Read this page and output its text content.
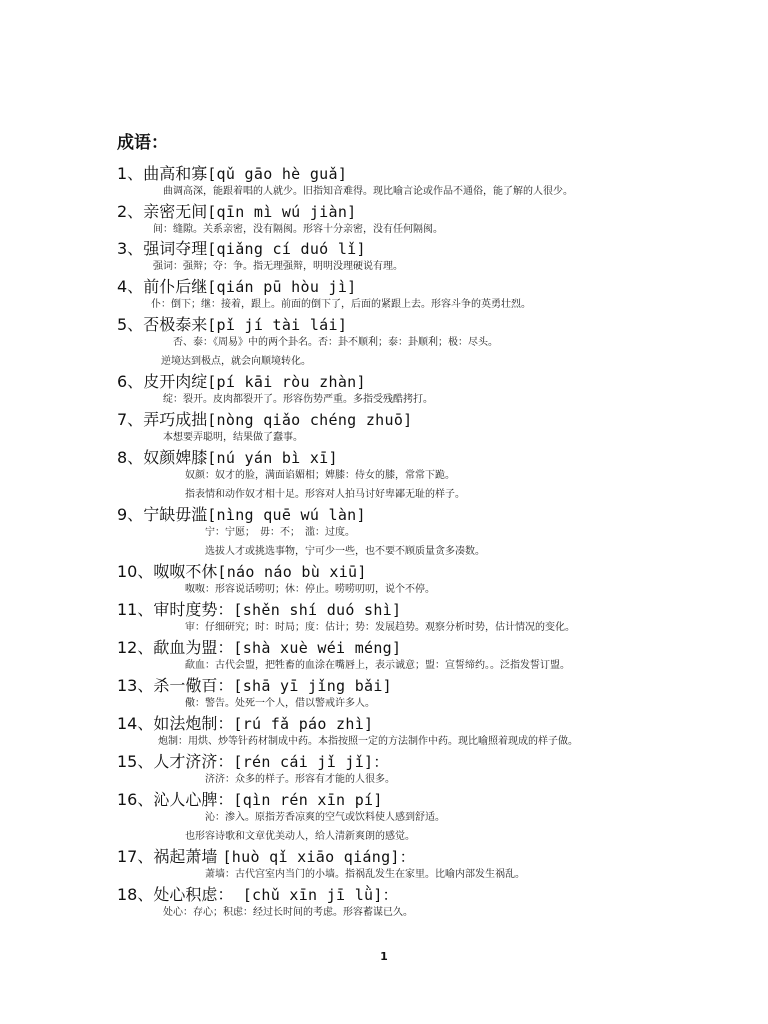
成语：
1、曲高和寡[qǔ gāo hè guǎ]
曲调高深，能跟着唱的人就少。旧指知音难得。现比喻言论或作品不通俗，能了解的人很少。
2、亲密无间[qīn mì wú jiàn]
间：缝隙。关系亲密，没有隔阂。形容十分亲密，没有任何隔阂。
3、强词夺理[qiǎng cí duó lǐ]
强词：强辩；夺：争。指无理强辩，明明没理硬说有理。
4、前仆后继[qián pū hòu jì]
仆：倒下；继：接着，跟上。前面的倒下了，后面的紧跟上去。形容斗争的英勇壮烈。
5、否极泰来[pǐ jí tài lái]
否、泰：《周易》中的两个卦名。否：卦不顺利；泰：卦顺利；极：尽头。
逆境达到极点，就会向顺境转化。
6、皮开肉绽[pí kāi ròu zhàn]
绽：裂开。皮肉都裂开了。形容伤势严重。多指受残酷拷打。
7、弄巧成拙[nòng qiǎo chéng zhuō]
本想要弄聪明，结果做了蠢事。
8、奴颜婢膝[nú yán bì xī]
奴颜：奴才的脸，满面谄媚相；婢膝：侍女的膝，常常下跪。
指表情和动作奴才相十足。形容对人拍马讨好卑鄙无耻的样子。
9、宁缺毋滥[nìng quē wú làn]
宁：宁愿；　毋：不；　滥：过度。
选拔人才或挑选事物，宁可少一些，也不要不顾质量贪多凑数。
10、呶呶不休[náo náo bù xiū]
呶呶：形容说话唠叨；休：停止。唠唠叨叨，说个不停。
11、审时度势：[shěn shí duó shì]
审：仔细研究；时：时局；度：估计；势：发展趋势。观察分析时势，估计情况的变化。
12、歃血为盟：[shà xuè wéi méng]
歃血：古代会盟，把牲畜的血涂在嘴唇上，表示诚意；盟：宣誓缔约。。泛指发誓订盟。
13、杀一儆百：[shā yī jǐng bǎi]
儆：警告。处死一个人，借以警戒许多人。
14、如法炮制：[rú fǎ páo zhì]
炮制：用烘、炒等针药材制成中药。本指按照一定的方法制作中药。现比喻照着现成的样子做。
15、人才济济：[rén cái jǐ jǐ]：
济济：众多的样子。形容有才能的人很多。
16、沁人心脾：[qìn rén xīn pí]
沁：渗入。原指芳香凉爽的空气或饮料使人感到舒适。
也形容诗歌和文章优美动人，给人清新爽朗的感觉。
17、祸起萧墙 [huò qǐ xiāo qiáng]：
萧墙：古代宫室内当门的小墙。指祸乱发生在家里。比喻内部发生祸乱。
18、处心积虑： [chǔ xīn jī lǜ]：
处心：存心；积虑：经过长时间的考虑。形容蓄谋已久。
1
